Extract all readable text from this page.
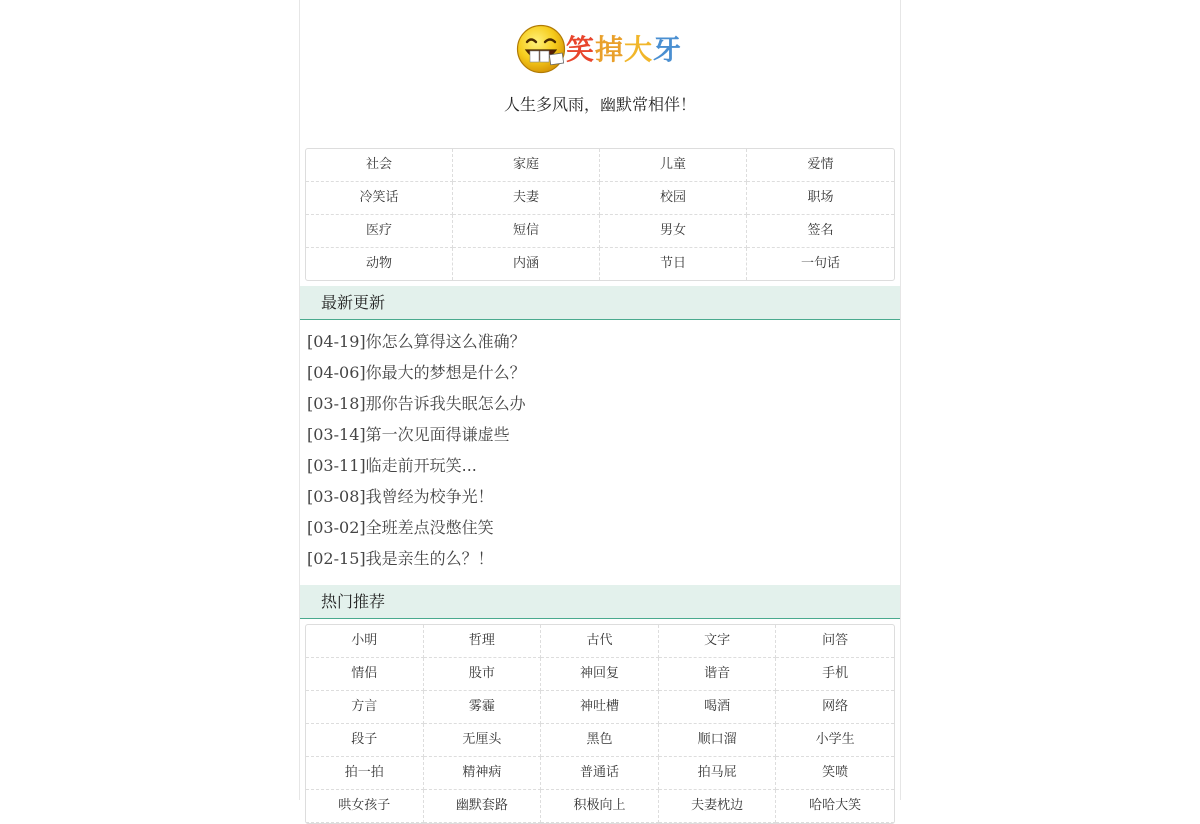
笑掉大牙
人生多风雨，幽默常相伴！
社会	家庭	儿童	爱情
冷笑话	夫妻	校园	职场
医疗	短信	男女	签名
动物	内涵	节日	一句话
最新更新
[04-19]你怎么算得这么准确？
[04-06]你最大的梦想是什么？
[03-18]那你告诉我失眠怎么办
[03-14]第一次见面得谦虚些
[03-11]临走前开玩笑...
[03-08]我曾经为校争光！
[03-02]全班差点没憋住笑
[02-15]我是亲生的么？！
热门推荐
小明	哲理	古代	文字	问答
情侣	股市	神回复	谐音	手机
方言	雾霾	神吐槽	喝酒	网络
段子	无厘头	黑色	顺口溜	小学生
拍一拍	精神病	普通话	拍马屁	笑喷
哄女孩子	幽默套路	积极向上	夫妻枕边	哈哈大笑
